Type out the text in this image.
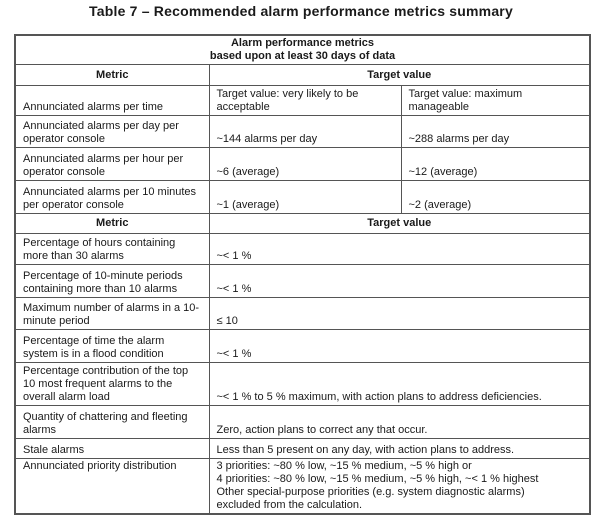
Table 7 – Recommended alarm performance metrics summary
Alarm performance metrics
based upon at least 30 days of data		

Metric	Target value	
Annunciated alarms per time	Target value: very likely to be acceptable	Target value: maximum manageable
Annunciated alarms per day per operator console	~144 alarms per day	~288 alarms per day
Annunciated alarms per hour per operator console	~6 (average)	~12 (average)
Annunciated alarms per 10 minutes per operator console	~1 (average)	~2 (average)
Metric	Target value	
Percentage of hours containing more than 30 alarms	~< 1 %	
Percentage of 10-minute periods containing more than 10 alarms	~< 1 %	
Maximum number of alarms in a 10-minute period	≤ 10	
Percentage of time the alarm system is in a flood condition	~< 1 %	
Percentage contribution of the top 10 most frequent alarms to the overall alarm load	~< 1 % to 5 % maximum, with action plans to address deficiencies.	
Quantity of chattering and fleeting alarms	Zero, action plans to correct any that occur.	
Stale alarms	Less than 5 present on any day, with action plans to address.	
Annunciated priority distribution	3 priorities: ~80 % low, ~15 % medium, ~5 % high or
4 priorities: ~80 % low, ~15 % medium, ~5 % high, ~< 1 % highest
Other special-purpose priorities (e.g. system diagnostic alarms)
excluded from the calculation.	
